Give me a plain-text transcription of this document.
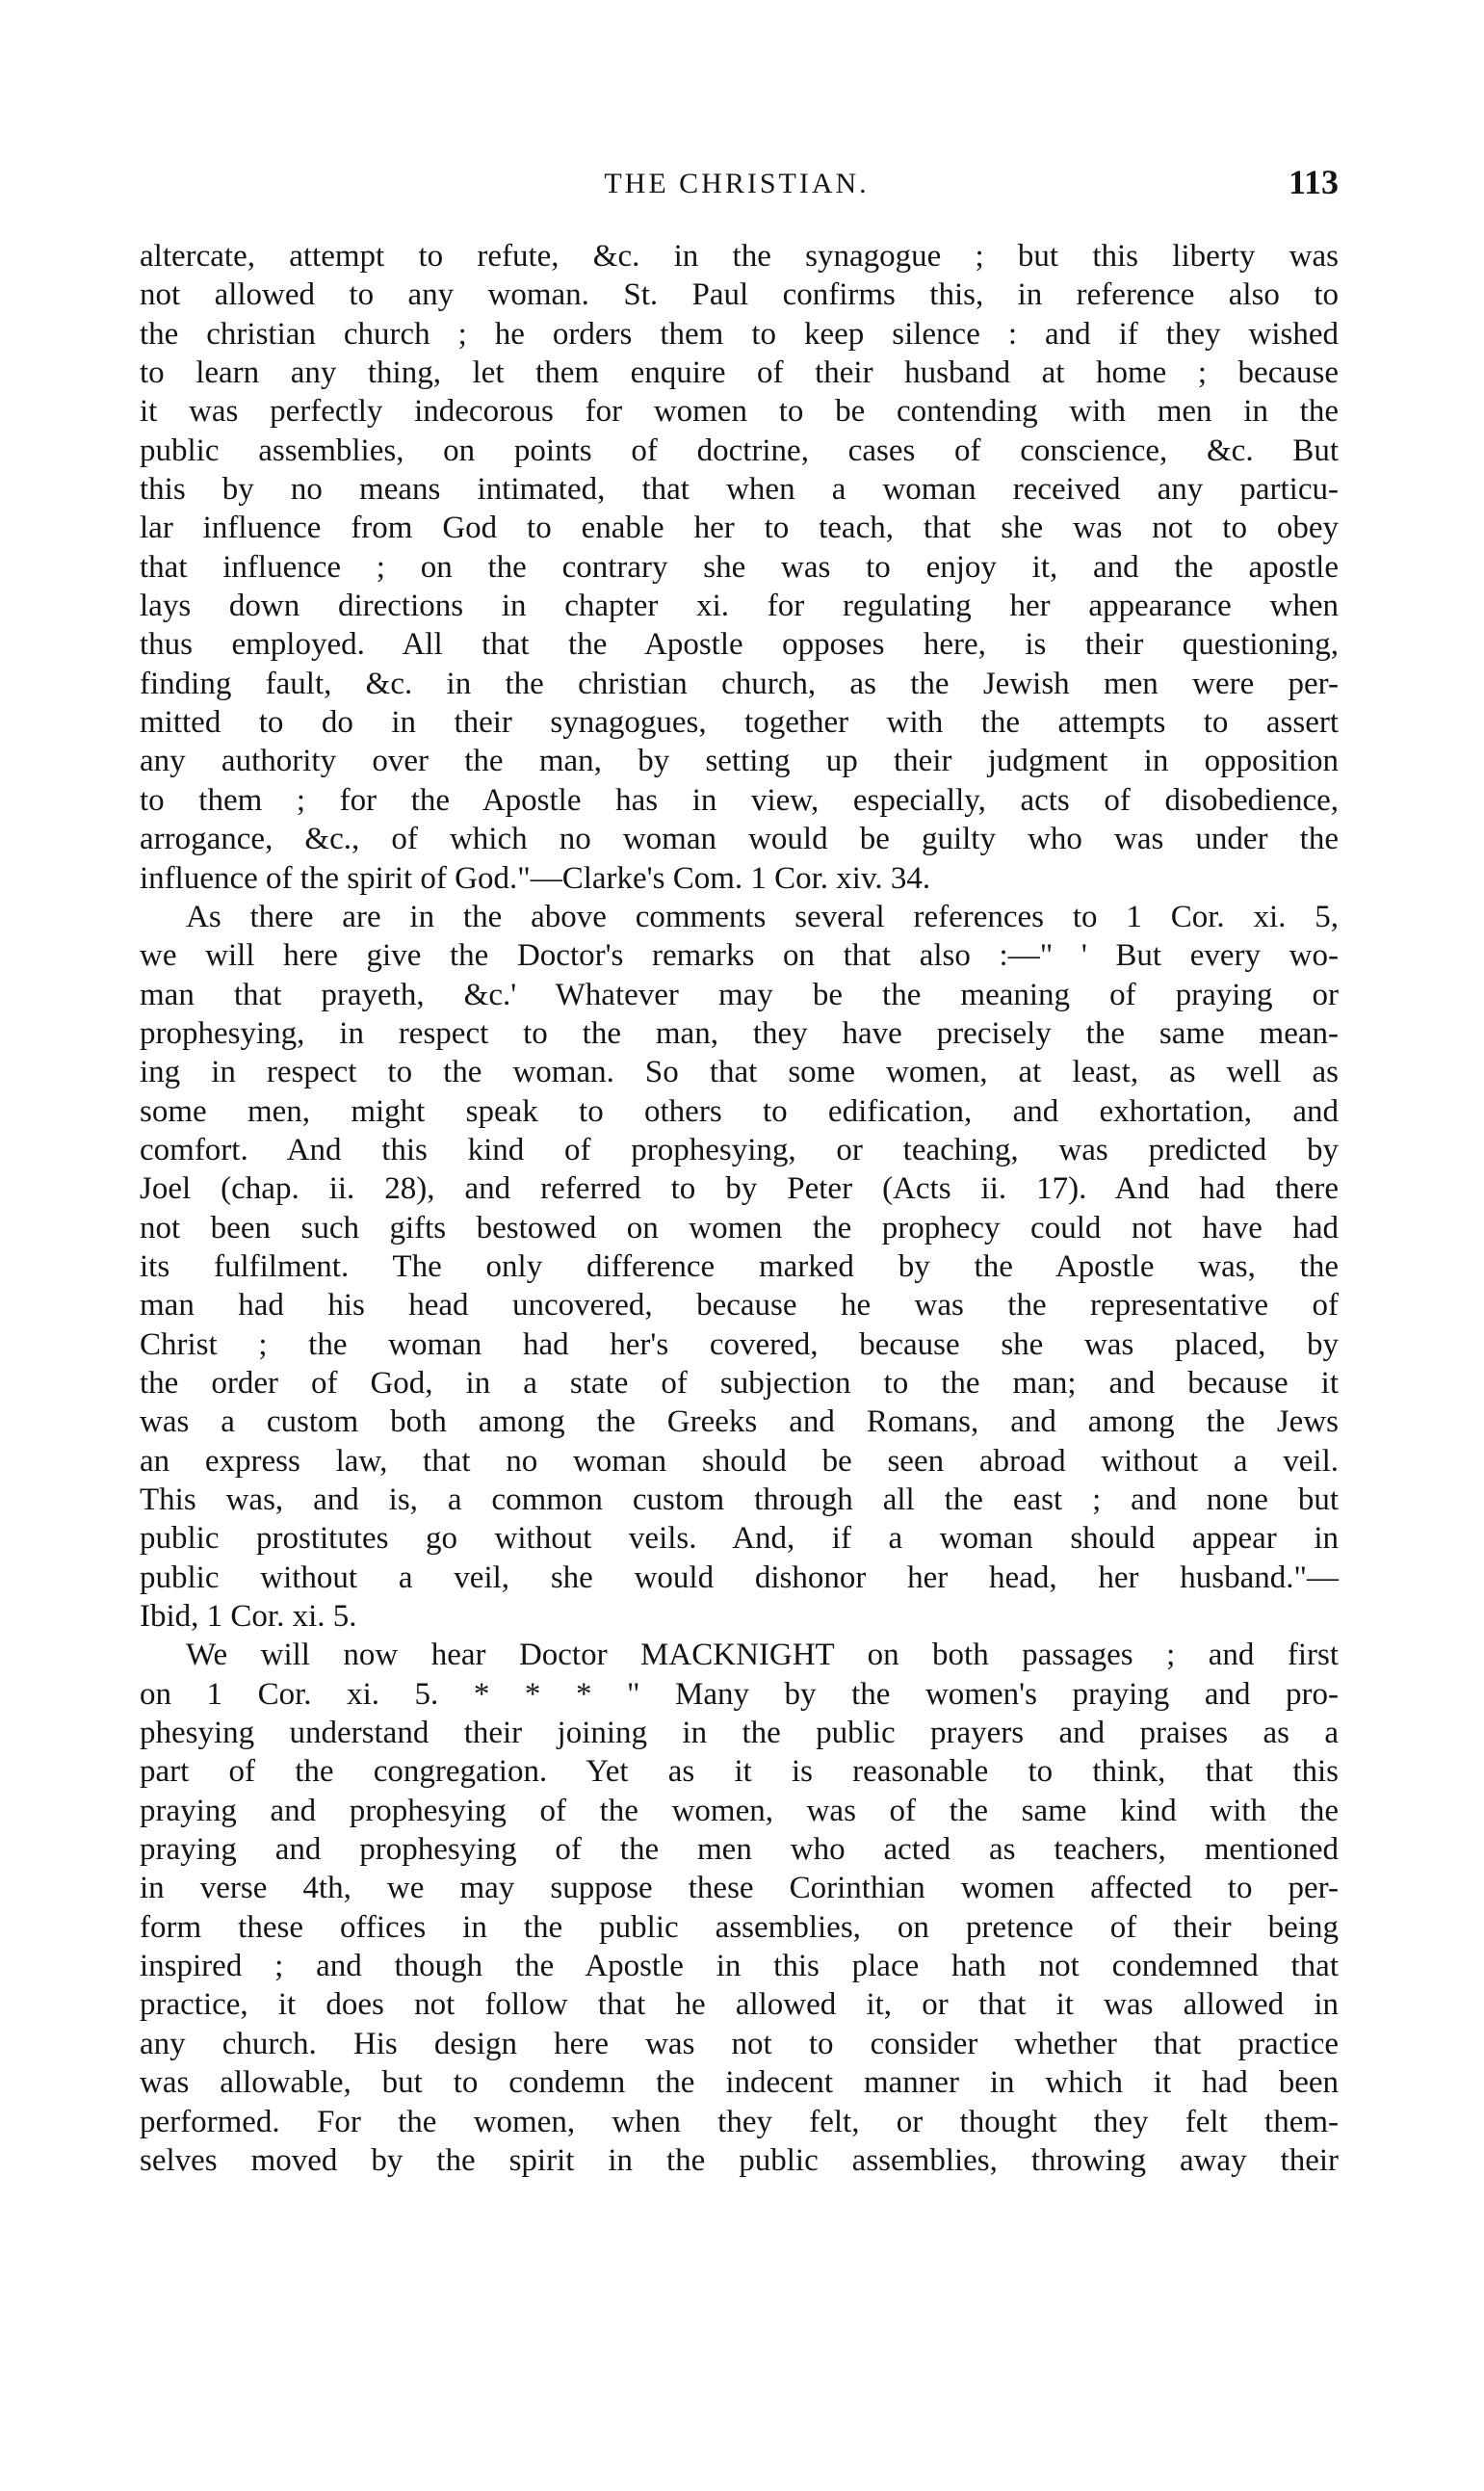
THE CHRISTIAN.	113
altercate, attempt to refute, &c. in the synagogue ; but this liberty was
not allowed to any woman. St. Paul confirms this, in reference also to
the christian church ; he orders them to keep silence : and if they wished
to learn any thing, let them enquire of their husband at home ; because
it was perfectly indecorous for women to be contending with men in the
public assemblies, on points of doctrine, cases of conscience, &c. But
this by no means intimated, that when a woman received any particu-
lar influence from God to enable her to teach, that she was not to obey
that influence ; on the contrary she was to enjoy it, and the apostle
lays down directions in chapter xi. for regulating her appearance when
thus employed. All that the Apostle opposes here, is their questioning,
finding fault, &c. in the christian church, as the Jewish men were per-
mitted to do in their synagogues, together with the attempts to assert
any authority over the man, by setting up their judgment in opposition
to them ; for the Apostle has in view, especially, acts of disobedience,
arrogance, &c., of which no woman would be guilty who was under the
influence of the spirit of God."—Clarke's Com. 1 Cor. xiv. 34.
As there are in the above comments several references to 1 Cor. xi. 5,
we will here give the Doctor's remarks on that also :—" ' But every wo-
man that prayeth, &c.' Whatever may be the meaning of praying or
prophesying, in respect to the man, they have precisely the same mean-
ing in respect to the woman. So that some women, at least, as well as
some men, might speak to others to edification, and exhortation, and
comfort. And this kind of prophesying, or teaching, was predicted by
Joel (chap. ii. 28), and referred to by Peter (Acts ii. 17). And had there
not been such gifts bestowed on women the prophecy could not have had
its fulfilment. The only difference marked by the Apostle was, the
man had his head uncovered, because he was the representative of
Christ ; the woman had her's covered, because she was placed, by
the order of God, in a state of subjection to the man; and because it
was a custom both among the Greeks and Romans, and among the Jews
an express law, that no woman should be seen abroad without a veil.
This was, and is, a common custom through all the east ; and none but
public prostitutes go without veils. And, if a woman should appear in
public without a veil, she would dishonor her head, her husband."—
Ibid, 1 Cor. xi. 5.
We will now hear Doctor MACKNIGHT on both passages ; and first
on 1 Cor. xi. 5. * * * " Many by the women's praying and pro-
phesying understand their joining in the public prayers and praises as a
part of the congregation. Yet as it is reasonable to think, that this
praying and prophesying of the women, was of the same kind with the
praying and prophesying of the men who acted as teachers, mentioned
in verse 4th, we may suppose these Corinthian women affected to per-
form these offices in the public assemblies, on pretence of their being
inspired ; and though the Apostle in this place hath not condemned that
practice, it does not follow that he allowed it, or that it was allowed in
any church. His design here was not to consider whether that practice
was allowable, but to condemn the indecent manner in which it had been
performed. For the women, when they felt, or thought they felt them-
selves moved by the spirit in the public assemblies, throwing away their
